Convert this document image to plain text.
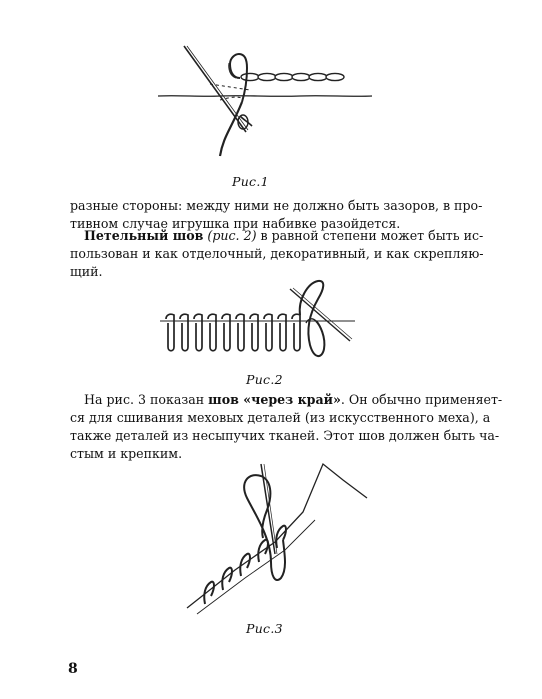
Рис.1
разные стороны: между ними не должно быть зазоров, в про-
тивном случае игрушка при набивке разойдется.
Петельный шов (рис. 2) в равной степени может быть ис-
пользован и как отделочный, декоративный, и как скрепляю-
щий.
Рис.2
На рис. 3 показан шов «через край». Он обычно применяет-
ся для сшивания меховых деталей (из искусственного меха), а
также деталей из несыпучих тканей. Этот шов должен быть ча-
стым и крепким.
Рис.3
8
